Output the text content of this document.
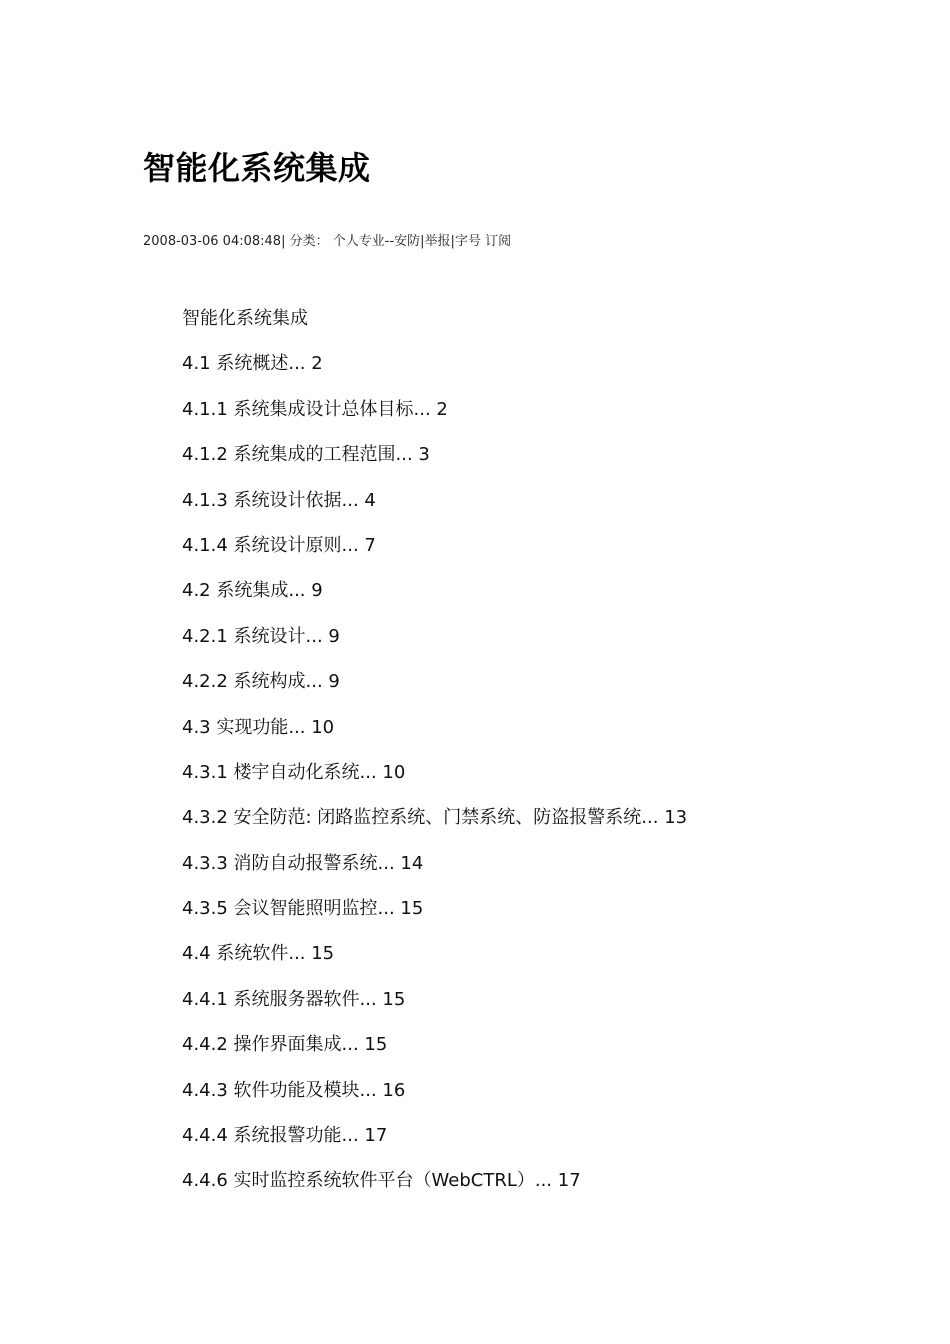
智能化系统集成
2008-03-06 04:08:48| 分类： 个人专业--安防|举报|字号 订阅
智能化系统集成
4.1 系统概述... 2
4.1.1 系统集成设计总体目标... 2
4.1.2 系统集成的工程范围... 3
4.1.3 系统设计依据... 4
4.1.4 系统设计原则... 7
4.2 系统集成... 9
4.2.1 系统设计... 9
4.2.2 系统构成... 9
4.3 实现功能... 10
4.3.1 楼宇自动化系统... 10
4.3.2 安全防范: 闭路监控系统、门禁系统、防盗报警系统... 13
4.3.3 消防自动报警系统... 14
4.3.5 会议智能照明监控... 15
4.4 系统软件... 15
4.4.1 系统服务器软件... 15
4.4.2 操作界面集成... 15
4.4.3 软件功能及模块... 16
4.4.4 系统报警功能... 17
4.4.6 实时监控系统软件平台（WebCTRL）... 17
